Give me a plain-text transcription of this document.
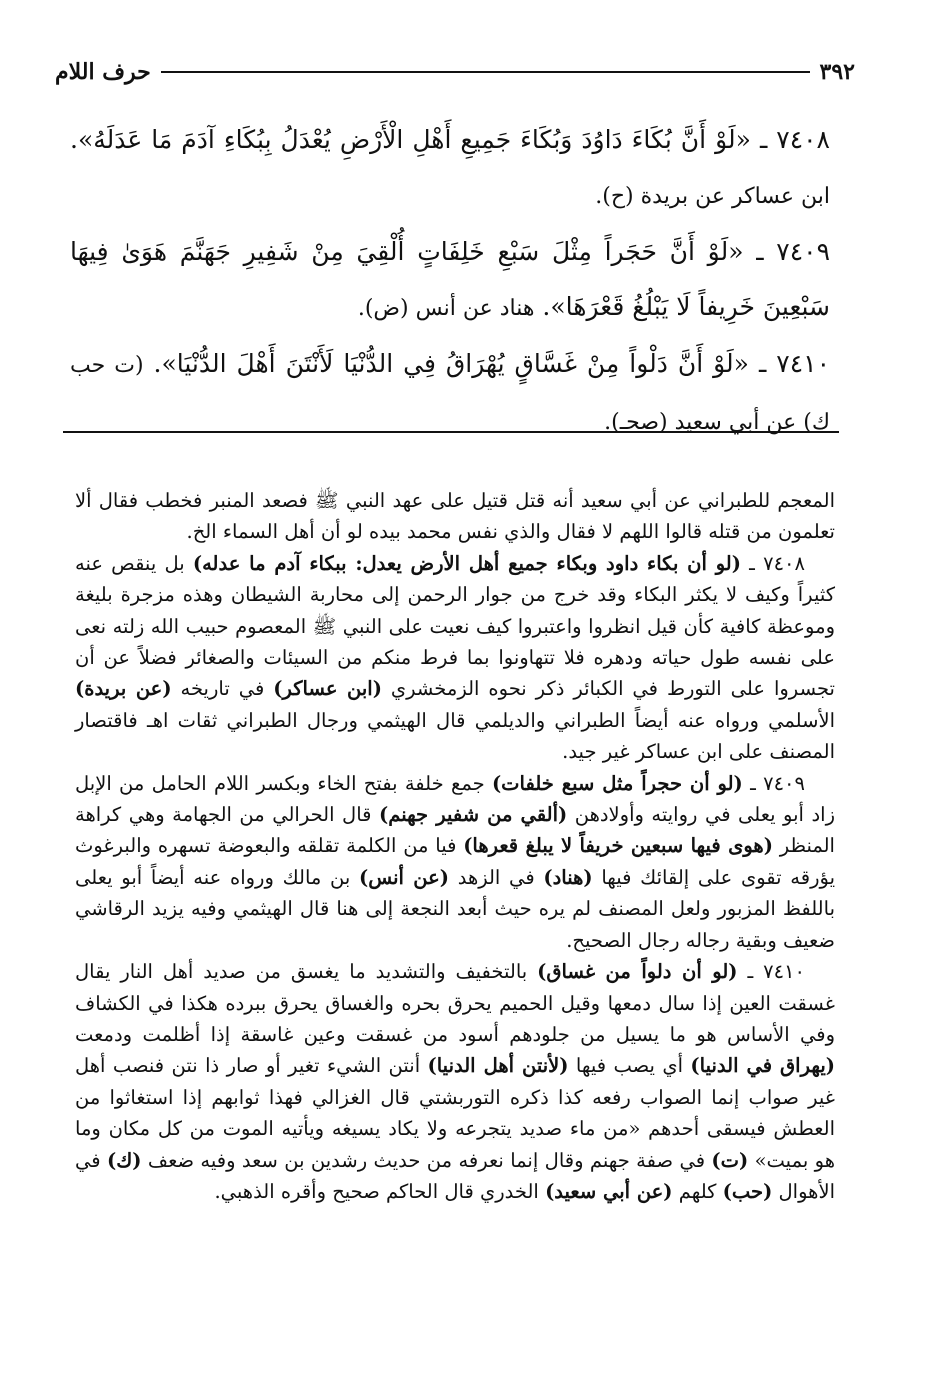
٣٩٢
حرف اللام

٧٤٠٨ ـ «لَوْ أَنَّ بُكَاءَ دَاوُدَ وَبُكَاءَ جَمِيعِ أَهْلِ الْأَرْضِ يُعْدَلُ بِبُكَاءِ آدَمَ مَا عَدَلَهُ». ابن عساكر عن بريدة (ح).

٧٤٠٩ ـ «لَوْ أَنَّ حَجَراً مِثْلَ سَبْعِ خَلِفَاتٍ أُلْقِيَ مِنْ شَفِيرِ جَهَنَّمَ هَوَىٰ فِيهَا سَبْعِينَ خَرِيفاً لَا يَبْلُغُ قَعْرَهَا». هناد عن أنس (ض).

٧٤١٠ ـ «لَوْ أَنَّ دَلْواً مِنْ غَسَّاقٍ يُهْرَاقُ فِي الدُّنْيَا لَأَنْتَنَ أَهْلَ الدُّنْيَا». (ت حب ك) عن أبي سعيد (صحـ).

المعجم للطبراني عن أبي سعيد أنه قتل قتيل على عهد النبي ﷺ فصعد المنبر فخطب فقال ألا تعلمون من قتله قالوا اللهم لا فقال والذي نفس محمد بيده لو أن أهل السماء الخ.

٧٤٠٨ ـ (لو أن بكاء داود وبكاء جميع أهل الأرض يعدل: ببكاء آدم ما عدله) بل ينقص عنه كثيراً وكيف لا يكثر البكاء وقد خرج من جوار الرحمن إلى محاربة الشيطان وهذه مزجرة بليغة وموعظة كافية كأن قيل انظروا واعتبروا كيف نعيت على النبي ﷺ المعصوم حبيب الله زلته نعى على نفسه طول حياته ودهره فلا تتهاونوا بما فرط منكم من السيئات والصغائر فضلاً عن أن تجسروا على التورط في الكبائر ذكر نحوه الزمخشري (ابن عساكر) في تاريخه (عن بريدة) الأسلمي ورواه عنه أيضاً الطبراني والديلمي قال الهيثمي ورجال الطبراني ثقات اهـ فاقتصار المصنف على ابن عساكر غير جيد.

٧٤٠٩ ـ (لو أن حجراً مثل سبع خلفات) جمع خلفة بفتح الخاء وبكسر اللام الحامل من الإبل زاد أبو يعلى في روايته وأولادهن (ألقي من شفير جهنم) قال الحرالي من الجهامة وهي كراهة المنظر (هوى فيها سبعين خريفاً لا يبلغ قعرها) فيا من الكلمة تقلقه والبعوضة تسهره والبرغوث يؤرقه تقوى على إلقائك فيها (هناد) في الزهد (عن أنس) بن مالك ورواه عنه أيضاً أبو يعلى باللفظ المزبور ولعل المصنف لم يره حيث أبعد النجعة إلى هنا قال الهيثمي وفيه يزيد الرقاشي ضعيف وبقية رجاله رجال الصحيح.

٧٤١٠ ـ (لو أن دلواً من غساق) بالتخفيف والتشديد ما يغسق من صديد أهل النار يقال غسقت العين إذا سال دمعها وقيل الحميم يحرق بحره والغساق يحرق ببرده هكذا في الكشاف وفي الأساس هو ما يسيل من جلودهم أسود من غسقت وعين غاسقة إذا أظلمت ودمعت (يهراق في الدنيا) أي يصب فيها (لأنتن أهل الدنيا) أنتن الشيء تغير أو صار ذا نتن فنصب أهل غير صواب إنما الصواب رفعه كذا ذكره التوربشتي قال الغزالي فهذا ثوابهم إذا استغاثوا من العطش فيسقى أحدهم «من ماء صديد يتجرعه ولا يكاد يسيغه ويأتيه الموت من كل مكان وما هو بميت» (ت) في صفة جهنم وقال إنما نعرفه من حديث رشدين بن سعد وفيه ضعف (ك) في الأهوال (حب) كلهم (عن أبي سعيد) الخدري قال الحاكم صحيح وأقره الذهبي.
